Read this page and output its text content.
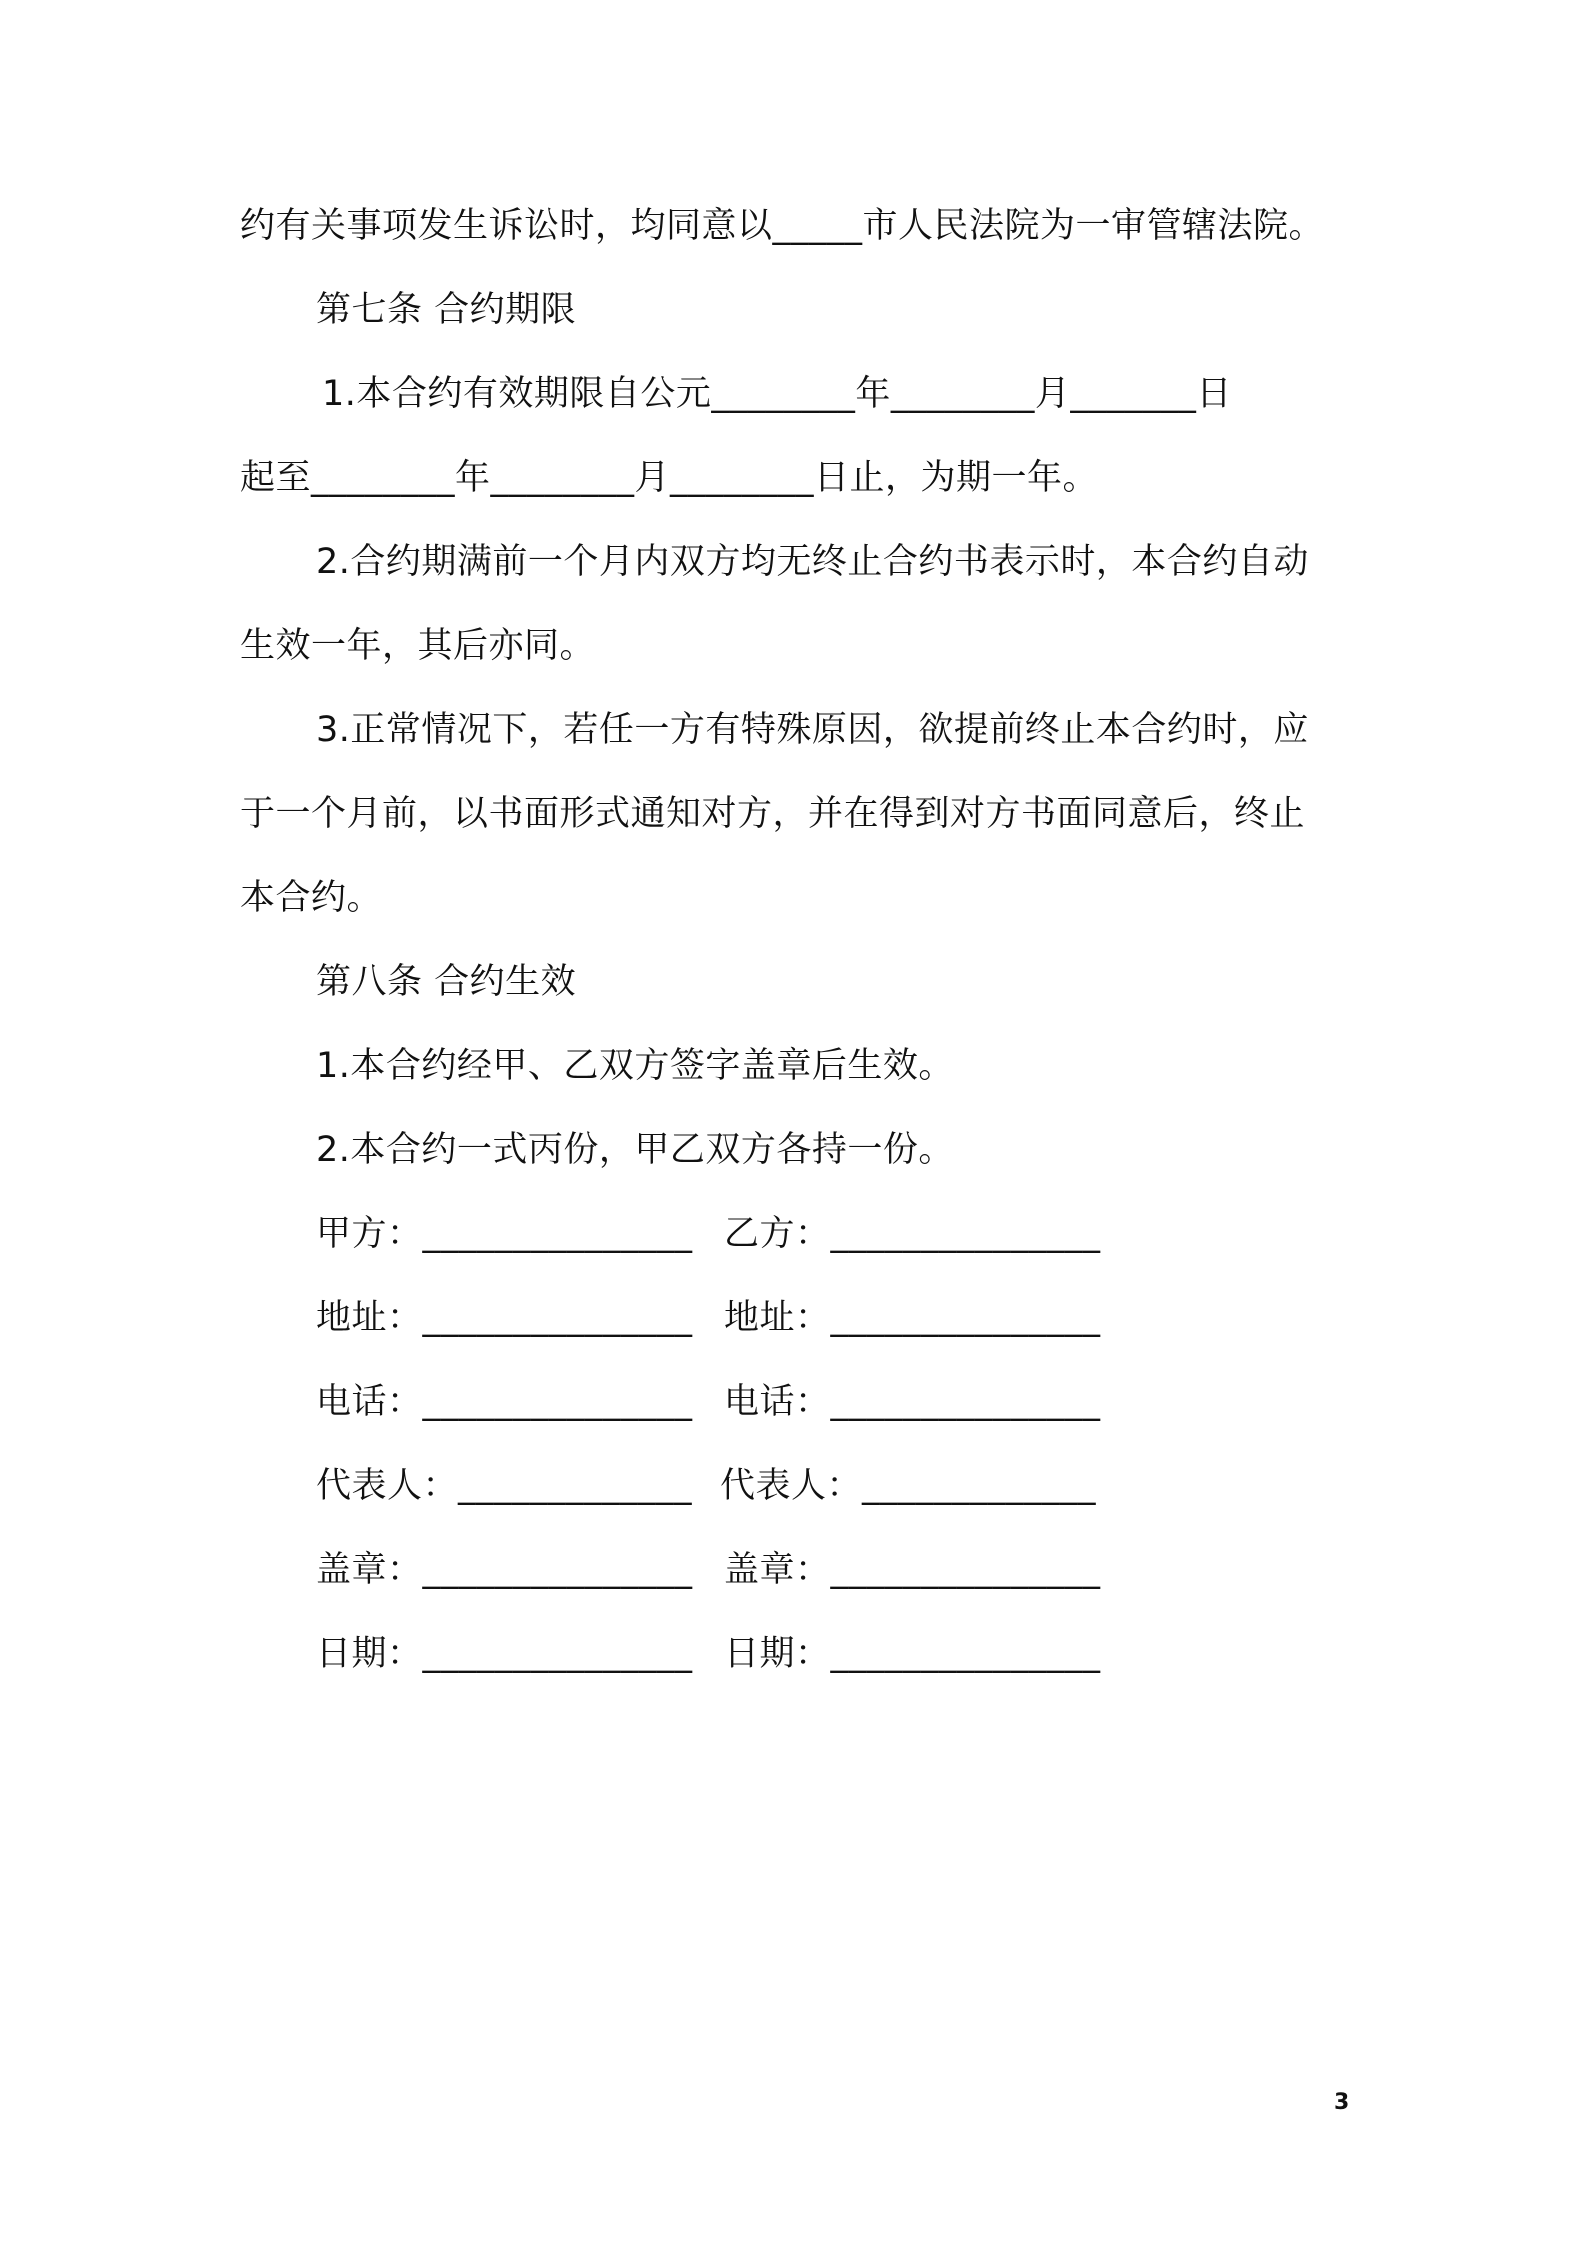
约有关事项发生诉讼时，均同意以_____市人民法院为一审管辖法院。
第七条 合约期限
1.本合约有效期限自公元________年________月_______日
起至________年________月________日止，为期一年。
2.合约期满前一个月内双方均无终止合约书表示时，本合约自动
生效一年，其后亦同。
3.正常情况下，若任一方有特殊原因，欲提前终止本合约时，应
于一个月前，以书面形式通知对方，并在得到对方书面同意后，终止
本合约。
第八条 合约生效
1.本合约经甲、乙双方签字盖章后生效。
2.本合约一式丙份，甲乙双方各持一份。
甲方：_______________ 乙方：_______________
地址：_______________ 地址：_______________
电话：_______________ 电话：_______________
代表人：_____________ 代表人：_____________
盖章：_______________ 盖章：_______________
日期：_______________ 日期：_______________
3
